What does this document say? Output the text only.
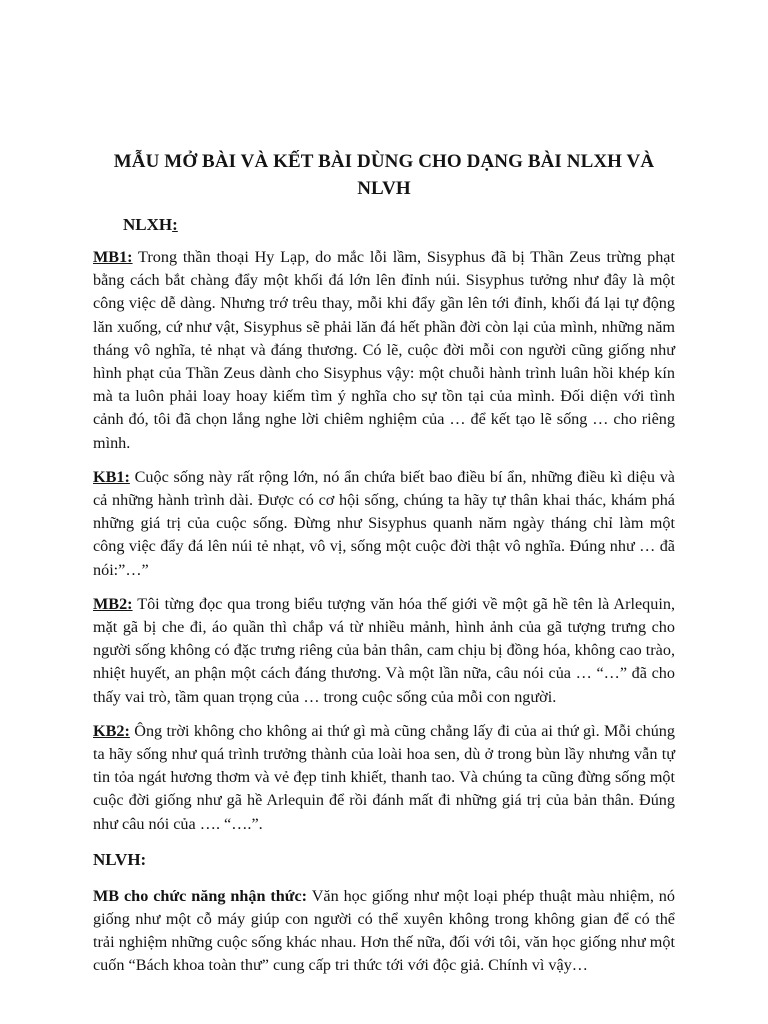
MẪU MỞ BÀI VÀ KẾT BÀI DÙNG CHO DẠNG BÀI NLXH VÀ NLVH
NLXH:

MB1: Trong thần thoại Hy Lạp, do mắc lỗi lầm, Sisyphus đã bị Thần Zeus trừng phạt bằng cách bắt chàng đẩy một khối đá lớn lên đỉnh núi. Sisyphus tưởng như đây là một công việc dễ dàng. Nhưng trớ trêu thay, mỗi khi đẩy gần lên tới đỉnh, khối đá lại tự động lăn xuống, cứ như vật, Sisyphus sẽ phải lăn đá hết phần đời còn lại của mình, những năm tháng vô nghĩa, tẻ nhạt và đáng thương. Có lẽ, cuộc đời mỗi con người cũng giống như hình phạt của Thần Zeus dành cho Sisyphus vậy: một chuỗi hành trình luân hồi khép kín mà ta luôn phải loay hoay kiếm tìm ý nghĩa cho sự tồn tại của mình. Đối diện với tình cảnh đó, tôi đã chọn lắng nghe lời chiêm nghiệm của … để kết tạo lẽ sống … cho riêng mình.

KB1: Cuộc sống này rất rộng lớn, nó ẩn chứa biết bao điều bí ẩn, những điều kì diệu và cả những hành trình dài. Được có cơ hội sống, chúng ta hãy tự thân khai thác, khám phá những giá trị của cuộc sống. Đừng như Sisyphus quanh năm ngày tháng chỉ làm một công việc đẩy đá lên núi tẻ nhạt, vô vị, sống một cuộc đời thật vô nghĩa. Đúng như … đã nói:”…”

MB2: Tôi từng đọc qua trong biểu tượng văn hóa thế giới về một gã hề tên là Arlequin, mặt gã bị che đi, áo quần thì chắp vá từ nhiều mảnh, hình ảnh của gã tượng trưng cho người sống không có đặc trưng riêng của bản thân, cam chịu bị đồng hóa, không cao trào, nhiệt huyết, an phận một cách đáng thương. Và một lần nữa, câu nói của … “…” đã cho thấy vai trò, tầm quan trọng của … trong cuộc sống của mỗi con người.

KB2: Ông trời không cho không ai thứ gì mà cũng chẳng lấy đi của ai thứ gì. Mỗi chúng ta hãy sống như quá trình trưởng thành của loài hoa sen, dù ở trong bùn lầy nhưng vẫn tự tin tỏa ngát hương thơm và vẻ đẹp tinh khiết, thanh tao. Và chúng ta cũng đừng sống một cuộc đời giống như gã hề Arlequin để rồi đánh mất đi những giá trị của bản thân. Đúng như câu nói của …. “….”.

NLVH:

MB cho chức năng nhận thức: Văn học giống như một loại phép thuật màu nhiệm, nó giống như một cỗ máy giúp con người có thể xuyên không trong không gian để có thể trải nghiệm những cuộc sống khác nhau. Hơn thế nữa, đối với tôi, văn học giống như một cuốn “Bách khoa toàn thư” cung cấp tri thức tới với độc giả. Chính vì vậy…
